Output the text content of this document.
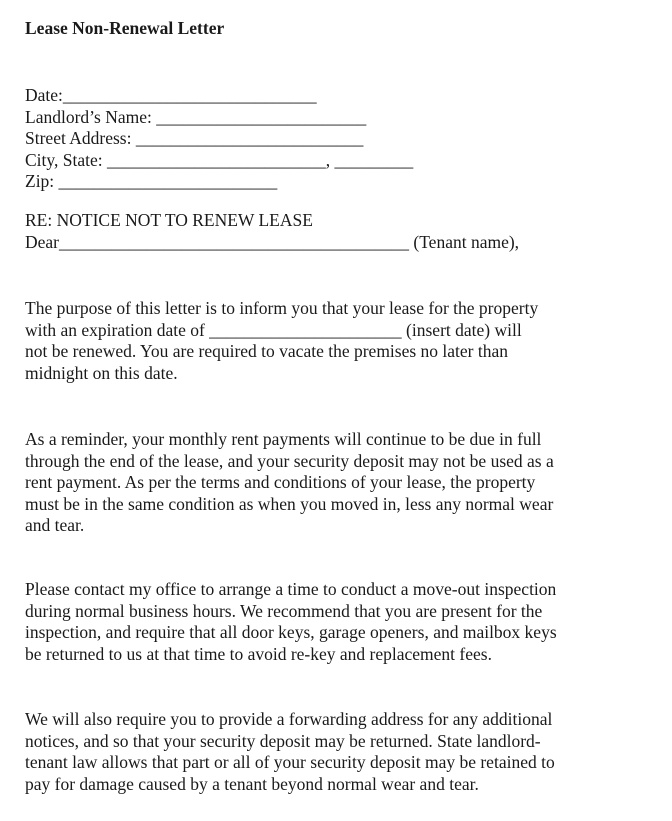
Lease Non-Renewal Letter
Date:_____________________________
Landlord’s Name: ________________________
Street Address: __________________________
City, State: _________________________, _________
Zip: _________________________
RE: NOTICE NOT TO RENEW LEASE
Dear________________________________________ (Tenant name),
The purpose of this letter is to inform you that your lease for the property
with an expiration date of ______________________ (insert date) will
not be renewed. You are required to vacate the premises no later than
midnight on this date.
As a reminder, your monthly rent payments will continue to be due in full
through the end of the lease, and your security deposit may not be used as a
rent payment. As per the terms and conditions of your lease, the property
must be in the same condition as when you moved in, less any normal wear
and tear.
Please contact my office to arrange a time to conduct a move-out inspection
during normal business hours. We recommend that you are present for the
inspection, and require that all door keys, garage openers, and mailbox keys
be returned to us at that time to avoid re-key and replacement fees.
We will also require you to provide a forwarding address for any additional
notices, and so that your security deposit may be returned. State landlord-
tenant law allows that part or all of your security deposit may be retained to
pay for damage caused by a tenant beyond normal wear and tear.
